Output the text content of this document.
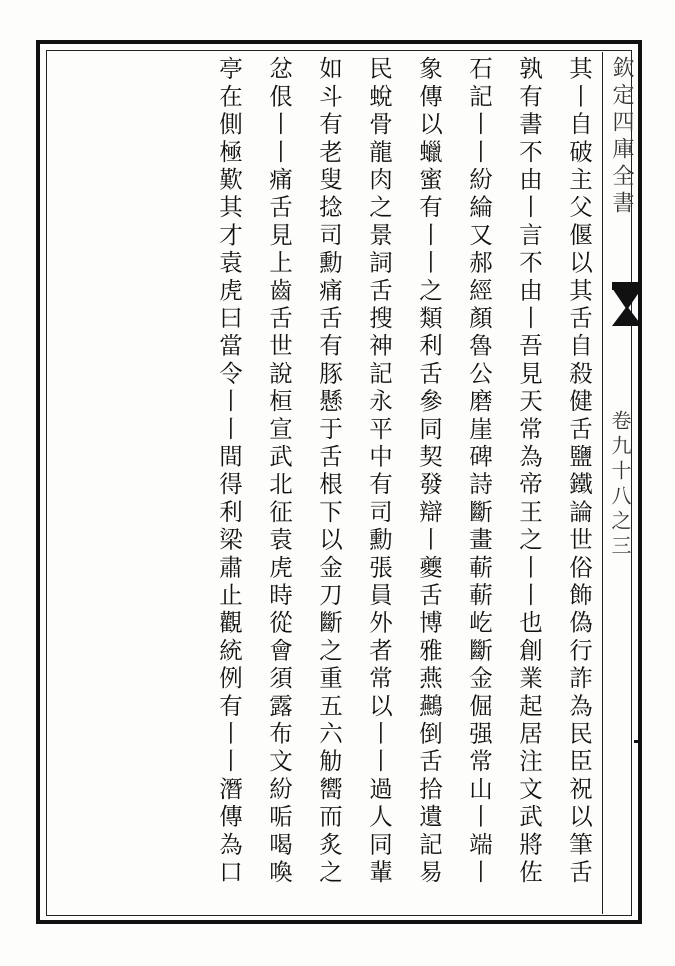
欽定四庫全書
卷九十八之三
其丨自破主父偃以其舌自殺健舌鹽鐵論世俗飾偽行詐為民臣祝以筆舌
孰有書不由丨言不由丨吾見天常為帝王之丨丨也創業起居注文武將佐
石記丨丨紛綸又郝經顏魯公磨崖碑詩斷畫蔪蔪屹斷金倔强常山丨端丨
象傳以蠟蜜有丨丨之類利舌參同契發辯丨夔舌博雅燕䴏倒舌拾遺記易
民蛻骨龍肉之景詞舌搜神記永平中有司勳張員外者常以丨丨過人同輩
如斗有老叟捻司勳痛舌有豚懸于舌根下以金刀斷之重五六觔嚮而炙之
忿佷丨丨痛舌見上齒舌世說桓宣武北征袁虎時從會須露布文紛㖃喝喚
亭在側極歎其才袁虎曰當令丨丨間得利梁肅止觀統例有丨丨潛傳為口
